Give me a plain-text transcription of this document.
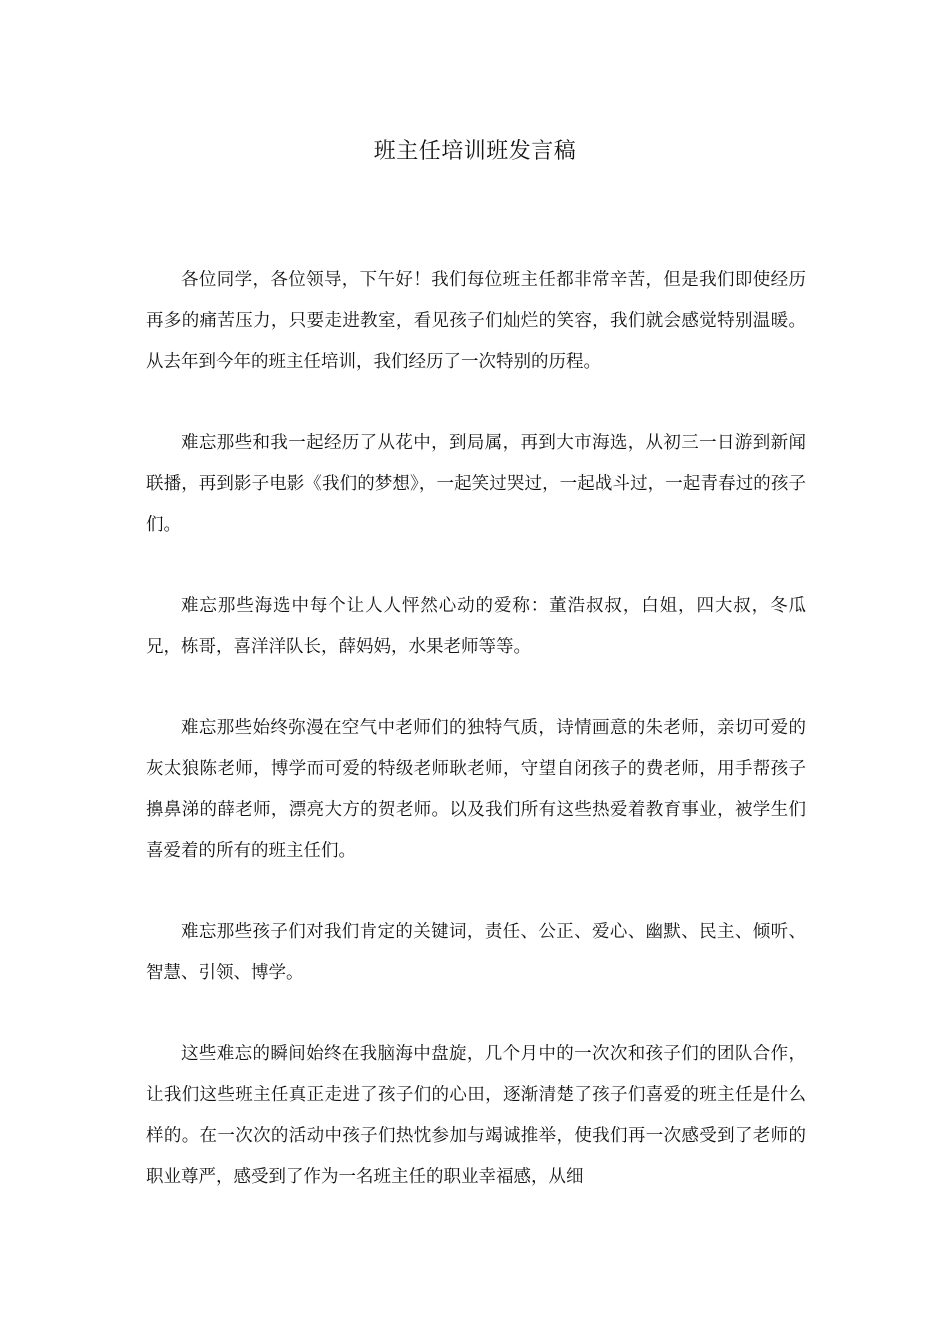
班主任培训班发言稿

各位同学，各位领导，下午好！我们每位班主任都非常辛苦，但是我们即使经历再多的痛苦压力，只要走进教室，看见孩子们灿烂的笑容，我们就会感觉特别温暖。从去年到今年的班主任培训，我们经历了一次特别的历程。

难忘那些和我一起经历了从花中，到局属，再到大市海选，从初三一日游到新闻联播，再到影子电影《我们的梦想》，一起笑过哭过，一起战斗过，一起青春过的孩子们。

难忘那些海选中每个让人人怦然心动的爱称：董浩叔叔，白姐，四大叔，冬瓜兄，栋哥，喜洋洋队长，薛妈妈，水果老师等等。

难忘那些始终弥漫在空气中老师们的独特气质，诗情画意的朱老师，亲切可爱的灰太狼陈老师，博学而可爱的特级老师耿老师，守望自闭孩子的费老师，用手帮孩子擤鼻涕的薛老师，漂亮大方的贺老师。以及我们所有这些热爱着教育事业，被学生们喜爱着的所有的班主任们。

难忘那些孩子们对我们肯定的关键词，责任、公正、爱心、幽默、民主、倾听、智慧、引领、博学。

这些难忘的瞬间始终在我脑海中盘旋，几个月中的一次次和孩子们的团队合作，让我们这些班主任真正走进了孩子们的心田，逐渐清楚了孩子们喜爱的班主任是什么样的。在一次次的活动中孩子们热忱参加与竭诚推举，使我们再一次感受到了老师的职业尊严，感受到了作为一名班主任的职业幸福感，从细
